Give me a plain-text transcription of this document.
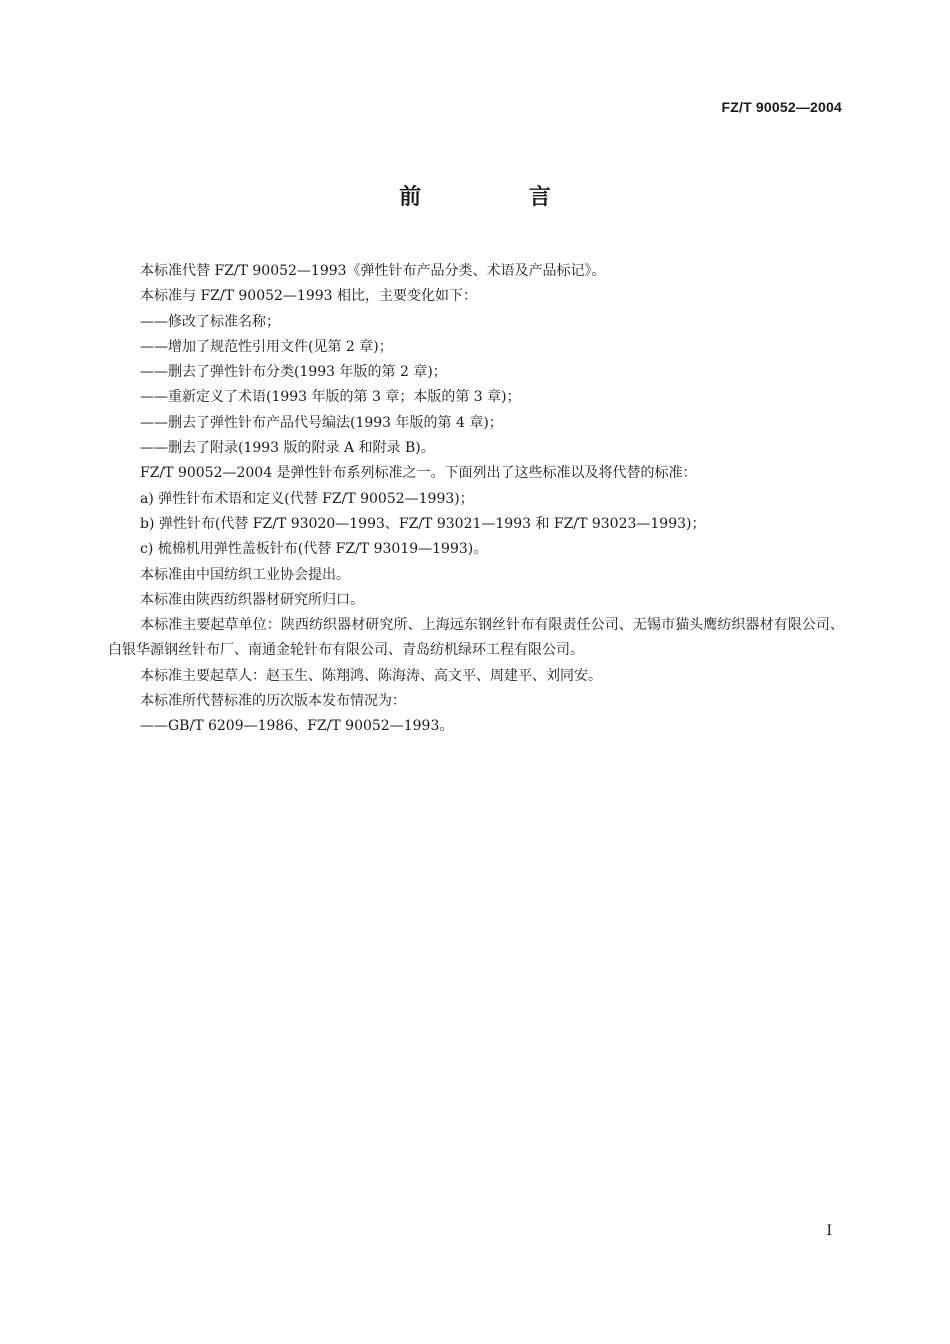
FZ/T 90052—2004
前 言

本标准代替 FZ/T 90052—1993《弹性针布产品分类、术语及产品标记》。

本标准与 FZ/T 90052—1993 相比，主要变化如下：

——修改了标准名称；

——增加了规范性引用文件(见第 2 章)；

——删去了弹性针布分类(1993 年版的第 2 章)；

——重新定义了术语(1993 年版的第 3 章；本版的第 3 章)；

——删去了弹性针布产品代号编法(1993 年版的第 4 章)；

——删去了附录(1993 版的附录 A 和附录 B)。

FZ/T 90052—2004 是弹性针布系列标准之一。下面列出了这些标准以及将代替的标准：

a) 弹性针布术语和定义(代替 FZ/T 90052—1993)；

b) 弹性针布(代替 FZ/T 93020—1993、FZ/T 93021—1993 和 FZ/T 93023—1993)；

c) 梳棉机用弹性盖板针布(代替 FZ/T 93019—1993)。

本标准由中国纺织工业协会提出。

本标准由陕西纺织器材研究所归口。

本标准主要起草单位：陕西纺织器材研究所、上海远东钢丝针布有限责任公司、无锡市猫头鹰纺织器材有限公司、白银华源钢丝针布厂、南通金轮针布有限公司、青岛纺机绿环工程有限公司。

本标准主要起草人：赵玉生、陈翔鸿、陈海涛、高文平、周建平、刘同安。

本标准所代替标准的历次版本发布情况为：

——GB/T 6209—1986、FZ/T 90052—1993。

I
